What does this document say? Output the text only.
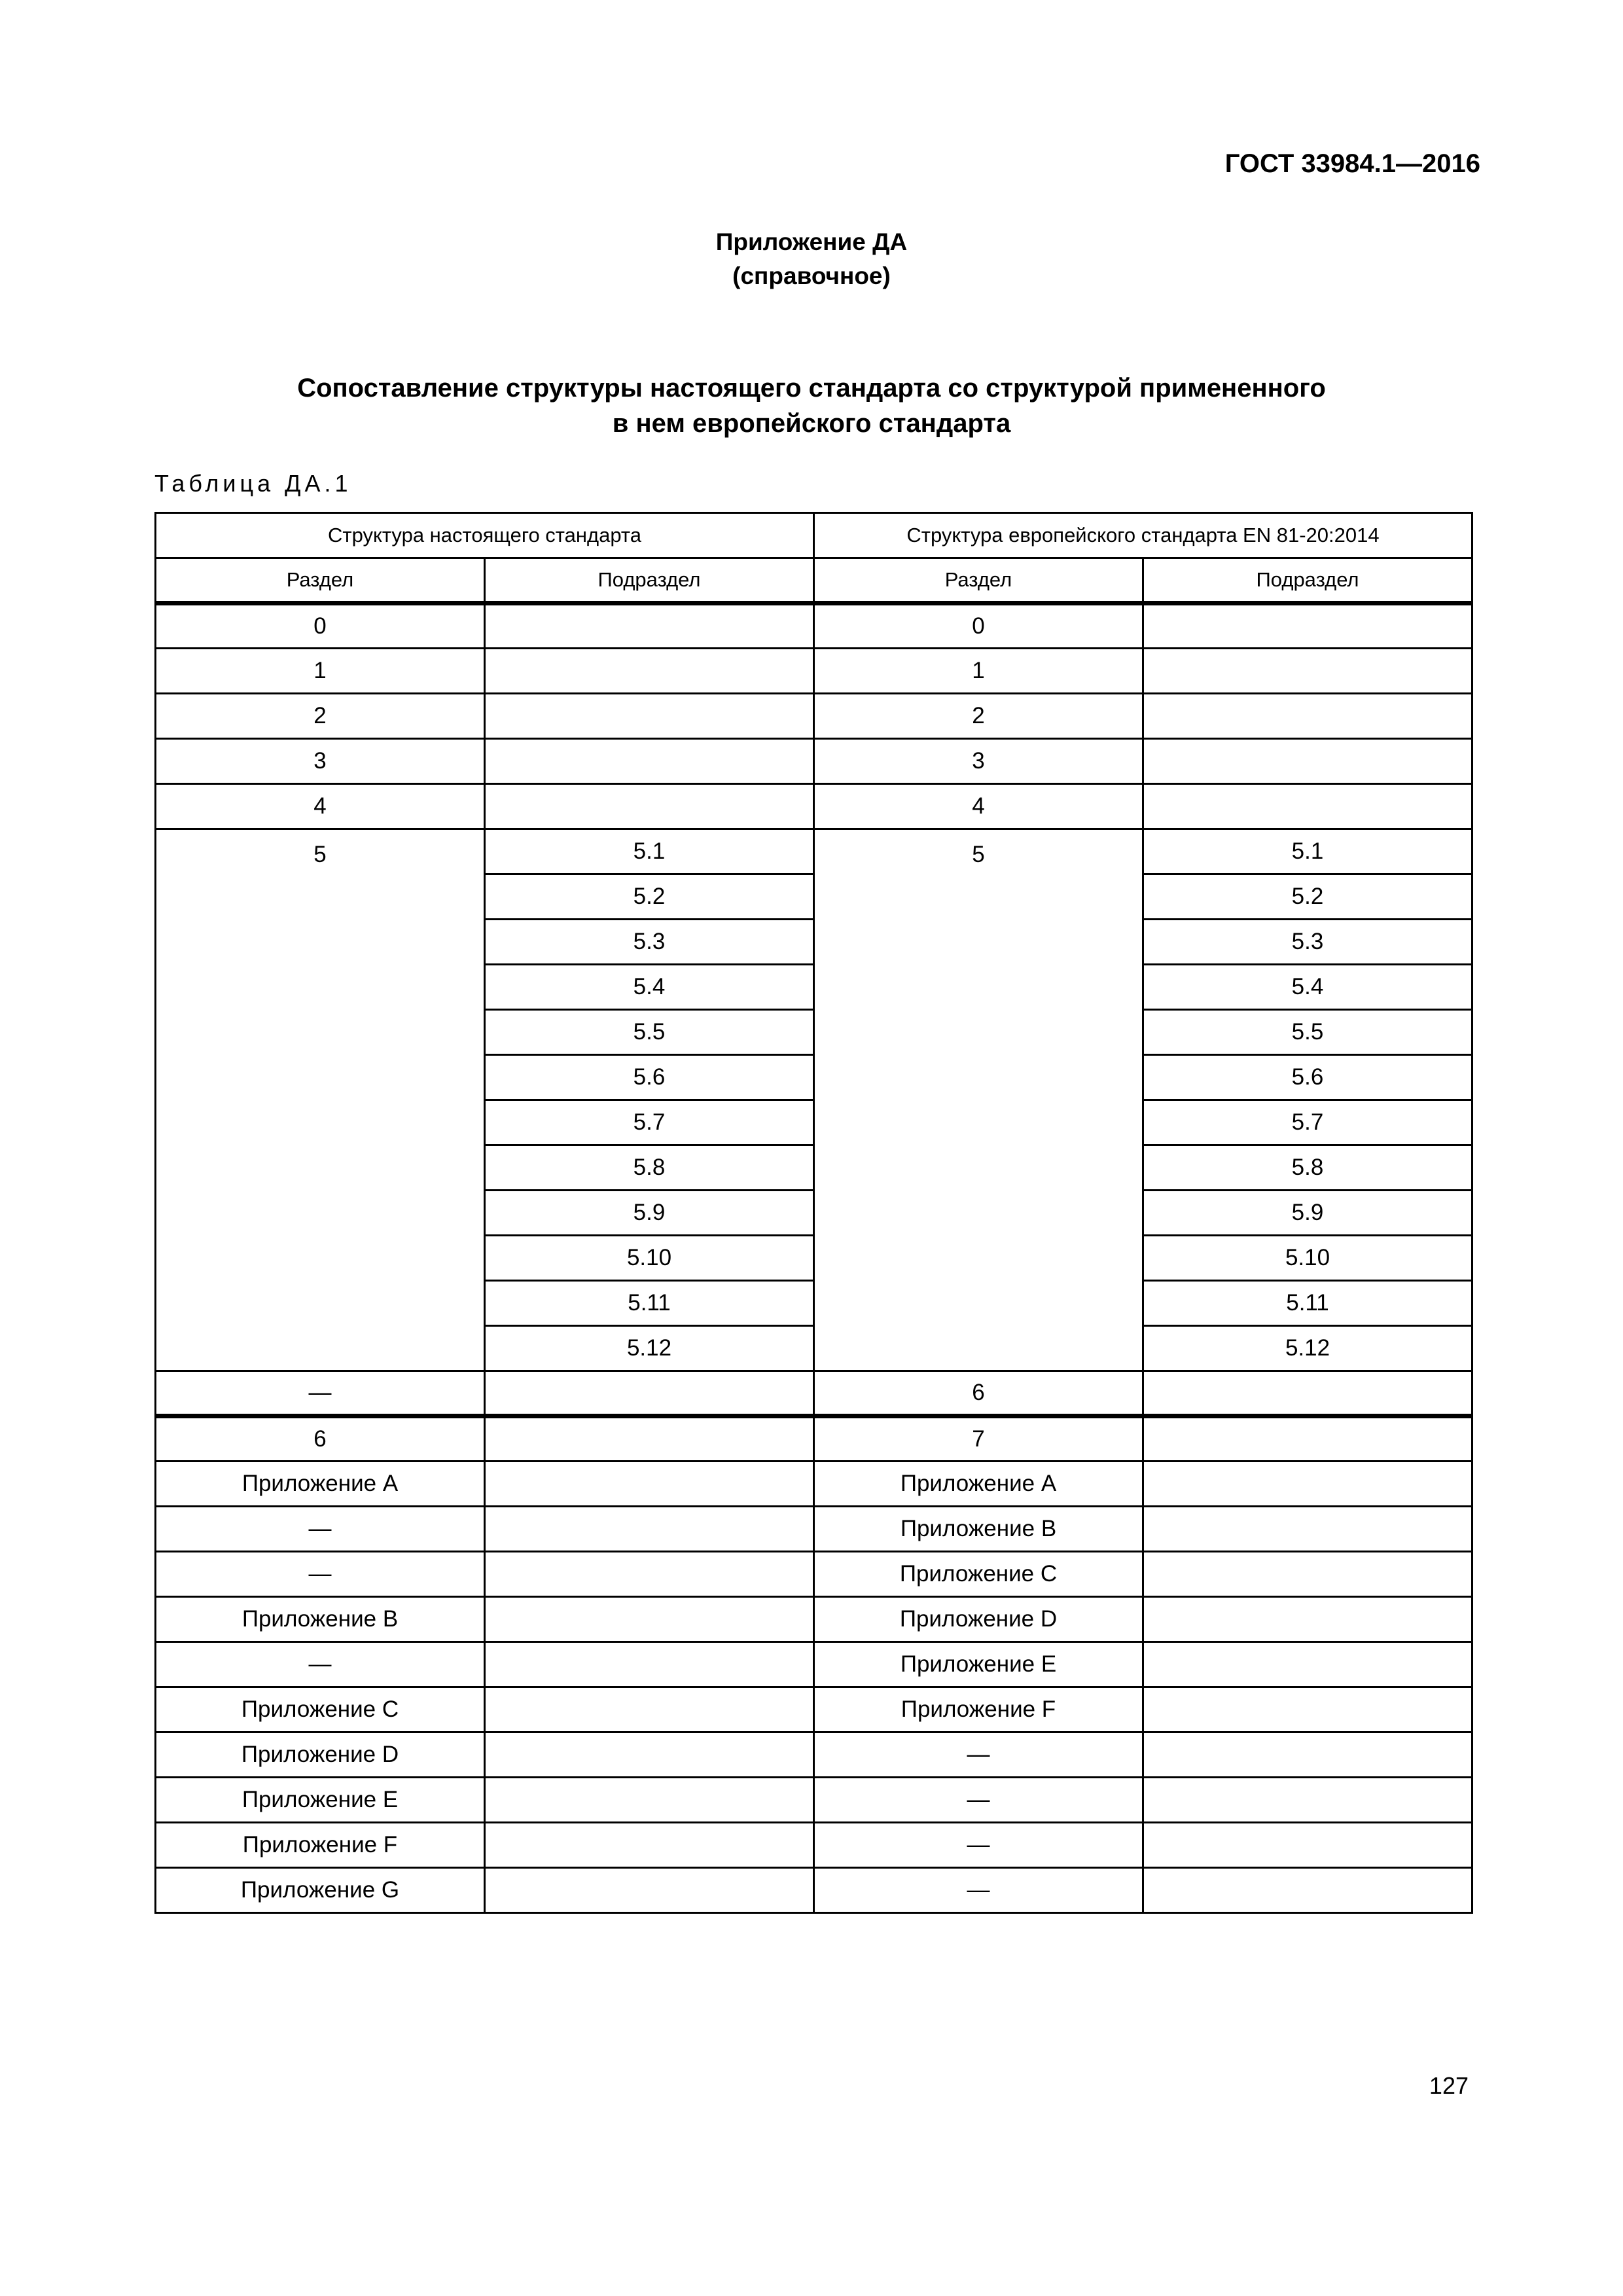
ГОСТ 33984.1—2016

Приложение ДА
(справочное)
Сопоставление структуры настоящего стандарта со структурой примененного
в нем европейского стандарта

Таблица ДА.1

Структура настоящего стандарта		Структура европейского стандарта EN 81-20:2014	
Раздел	Подраздел	Раздел	Подраздел
0		0	
1		1	
2		2	
3		3	
4		4	
5	5.1	5	5.1
	5.2		5.2
	5.3		5.3
	5.4		5.4
	5.5		5.5
	5.6		5.6
	5.7		5.7
	5.8		5.8
	5.9		5.9
	5.10		5.10
	5.11		5.11
	5.12		5.12
—		6	
6		7	
Приложение A		Приложение A	
—		Приложение B	
—		Приложение C	
Приложение B		Приложение D	
—		Приложение E	
Приложение C		Приложение F	
Приложение D		—	
Приложение E		—	
Приложение F		—	
Приложение G		—	

127
